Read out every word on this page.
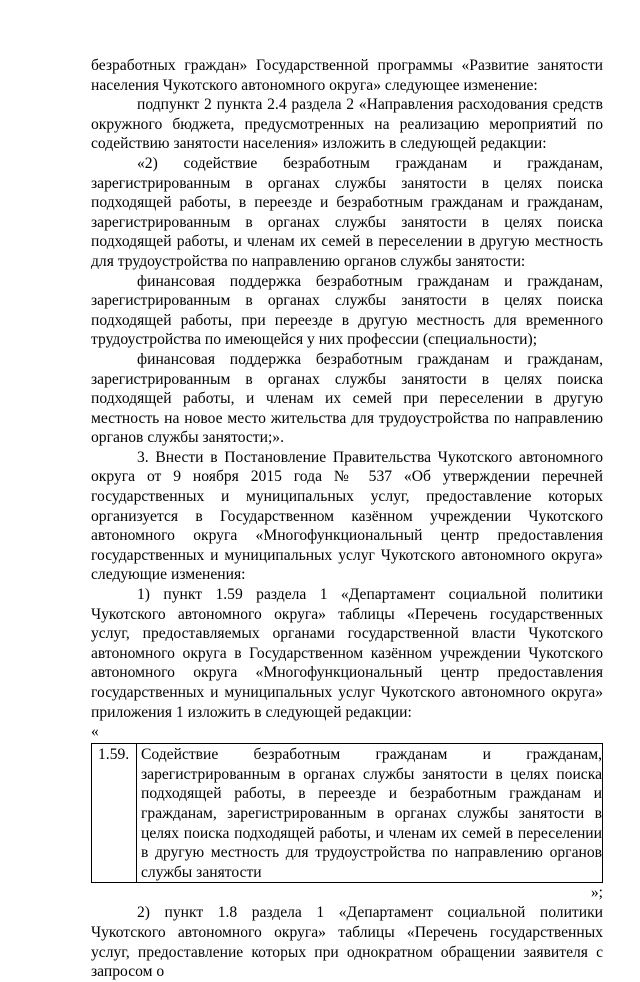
безработных граждан» Государственной программы «Развитие занятости населения Чукотского автономного округа» следующее изменение:

подпункт 2 пункта 2.4 раздела 2 «Направления расходования средств окружного бюджета, предусмотренных на реализацию мероприятий по содействию занятости населения» изложить в следующей редакции:

«2) содействие безработным гражданам и гражданам, зарегистрированным в органах службы занятости в целях поиска подходящей работы, в переезде и безработным гражданам и гражданам, зарегистрированным в органах службы занятости в целях поиска подходящей работы, и членам их семей в переселении в другую местность для трудоустройства по направлению органов службы занятости:

финансовая поддержка безработным гражданам и гражданам, зарегистрированным в органах службы занятости в целях поиска подходящей работы, при переезде в другую местность для временного трудоустройства по имеющейся у них профессии (специальности);

финансовая поддержка безработным гражданам и гражданам, зарегистрированным в органах службы занятости в целях поиска подходящей работы, и членам их семей при переселении в другую местность на новое место жительства для трудоустройства по направлению органов службы занятости;».

3. Внести в Постановление Правительства Чукотского автономного округа от 9 ноября 2015 года № 537 «Об утверждении перечней государственных и муниципальных услуг, предоставление которых организуется в Государственном казённом учреждении Чукотского автономного округа «Многофункциональный центр предоставления государственных и муниципальных услуг Чукотского автономного округа» следующие изменения:

1) пункт 1.59 раздела 1 «Департамент социальной политики Чукотского автономного округа» таблицы «Перечень государственных услуг, предоставляемых органами государственной власти Чукотского автономного округа в Государственном казённом учреждении Чукотского автономного округа «Многофункциональный центр предоставления государственных и муниципальных услуг Чукотского автономного округа» приложения 1 изложить в следующей редакции:

«
1.59.	Содействие безработным гражданам и гражданам, зарегистрированным в органах службы занятости в целях поиска подходящей работы, в переезде и безработным гражданам и гражданам, зарегистрированным в органах службы занятости в целях поиска подходящей работы, и членам их семей в переселении в другую местность для трудоустройства по направлению органов службы занятости
»;

2) пункт 1.8 раздела 1 «Департамент социальной политики Чукотского автономного округа» таблицы «Перечень государственных услуг, предоставление которых при однократном обращении заявителя с запросом о
